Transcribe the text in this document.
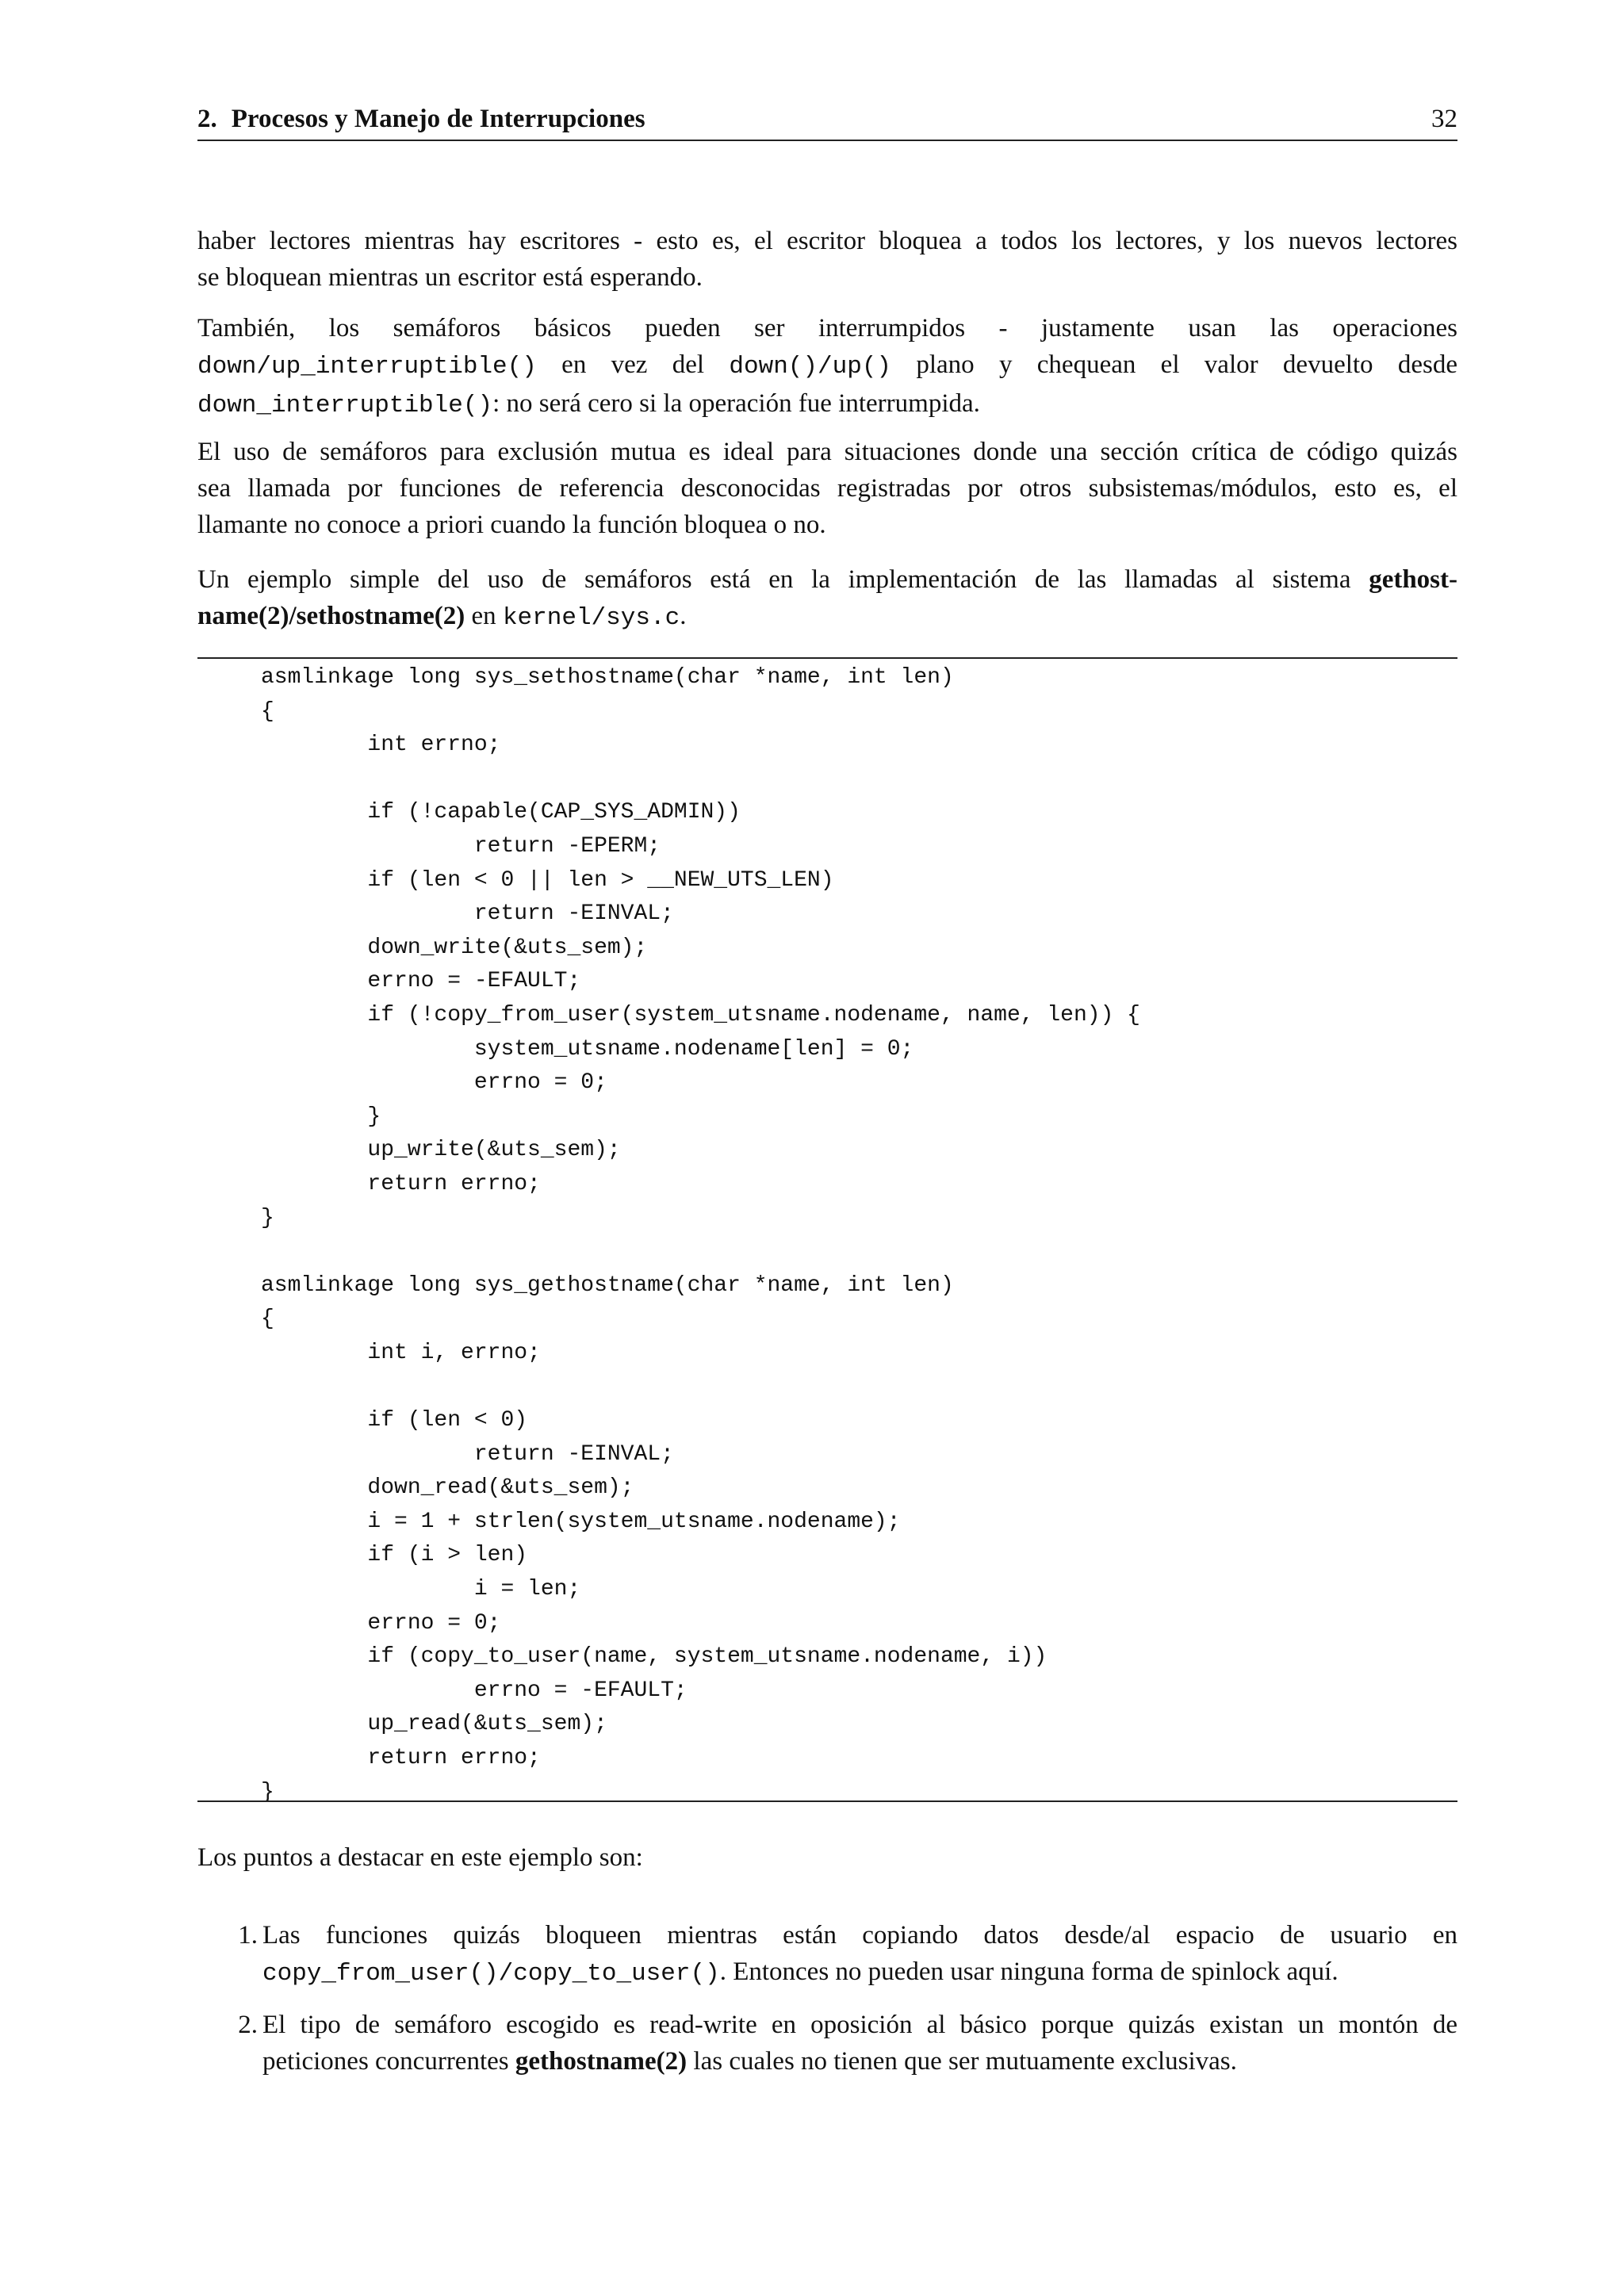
2. Procesos y Manejo de Interrupciones	32
haber lectores mientras hay escritores - esto es, el escritor bloquea a todos los lectores, y los nuevos lectores
se bloquean mientras un escritor está esperando.
También, los semáforos básicos pueden ser interrumpidos - justamente usan las operaciones
down/up_interruptible() en vez del down()/up() plano y chequean el valor devuelto desde
down_interruptible(): no será cero si la operación fue interrumpida.
El uso de semáforos para exclusión mutua es ideal para situaciones donde una sección crítica de código quizás
sea llamada por funciones de referencia desconocidas registradas por otros subsistemas/módulos, esto es, el
llamante no conoce a priori cuando la función bloquea o no.
Un ejemplo simple del uso de semáforos está en la implementación de las llamadas al sistema gethost-
name(2)/sethostname(2) en kernel/sys.c.
asmlinkage long sys_sethostname(char *name, int len)
{
int errno;
if (!capable(CAP_SYS_ADMIN))
return -EPERM;
if (len < 0 || len > __NEW_UTS_LEN)
return -EINVAL;
down_write(&uts_sem);
errno = -EFAULT;
if (!copy_from_user(system_utsname.nodename, name, len)) {
system_utsname.nodename[len] = 0;
errno = 0;
}
up_write(&uts_sem);
return errno;
}
asmlinkage long sys_gethostname(char *name, int len)
{
int i, errno;
if (len < 0)
return -EINVAL;
down_read(&uts_sem);
i = 1 + strlen(system_utsname.nodename);
if (i > len)
i = len;
errno = 0;
if (copy_to_user(name, system_utsname.nodename, i))
errno = -EFAULT;
up_read(&uts_sem);
return errno;
}
Los puntos a destacar en este ejemplo son:
1. Las funciones quizás bloqueen mientras están copiando datos desde/al espacio de usuario en
copy_from_user()/copy_to_user(). Entonces no pueden usar ninguna forma de spinlock aquí.
2. El tipo de semáforo escogido es read-write en oposición al básico porque quizás existan un montón de
peticiones concurrentes gethostname(2) las cuales no tienen que ser mutuamente exclusivas.
